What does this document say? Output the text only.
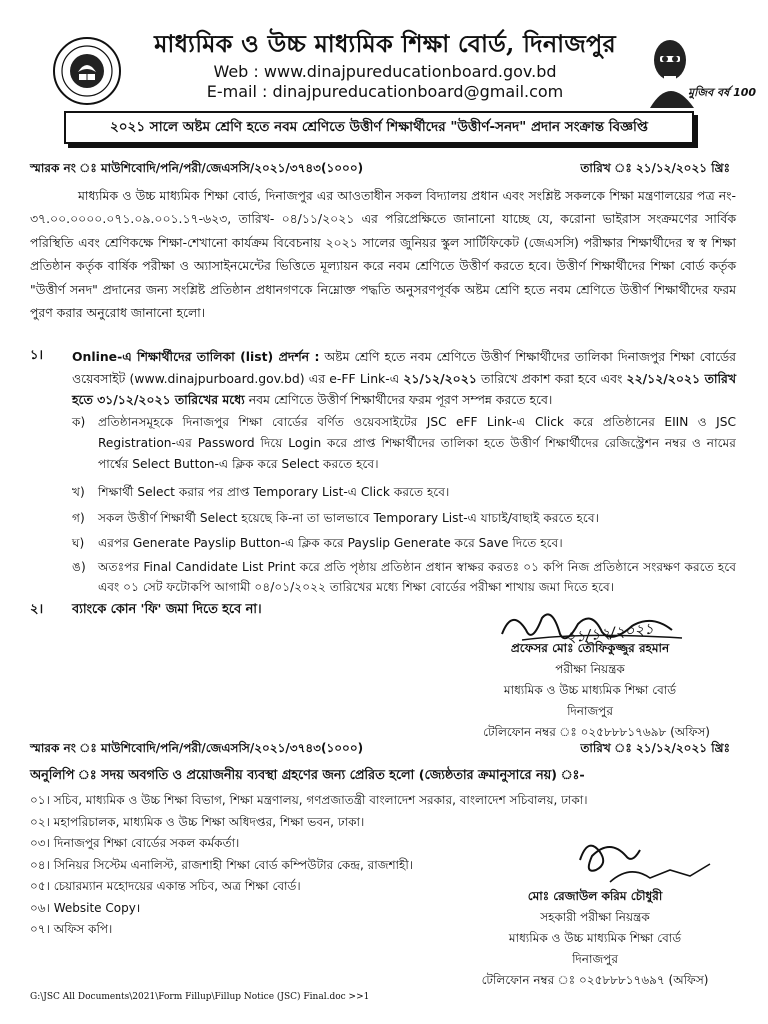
মুজিব বর্ষ 100
মাধ্যমিক ও উচ্চ মাধ্যমিক শিক্ষা বোর্ড, দিনাজপুর
Web : www.dinajpureducationboard.gov.bd
E-mail : dinajpureducationboard@gmail.com
২০২১ সালে অষ্টম শ্রেণি হতে নবম শ্রেণিতে উত্তীর্ণ শিক্ষার্থীদের "উত্তীর্ণ-সনদ" প্রদান সংক্রান্ত বিজ্ঞপ্তি
স্মারক নং ঃ মাউশিবোদি/পনি/পরী/জেএসসি/২০২১/৩৭৪৩(১০০০)	তারিখ ঃ ২১/১২/২০২১ খ্রিঃ

মাধ্যমিক ও উচ্চ মাধ্যমিক শিক্ষা বোর্ড, দিনাজপুর এর আওতাধীন সকল বিদ্যালয় প্রধান এবং সংশ্লিষ্ট সকলকে শিক্ষা মন্ত্রণালয়ের পত্র নং- ৩৭.০০.০০০০.০৭১.০৯.০০১.১৭-৬২৩, তারিখ- ০৪/১১/২০২১ এর পরিপ্রেক্ষিতে জানানো যাচ্ছে যে, করোনা ভাইরাস সংক্রমণের সার্বিক পরিস্থিতি এবং শ্রেণিকক্ষে শিক্ষা-শেখানো কার্যক্রম বিবেচনায় ২০২১ সালের জুনিয়র স্কুল সার্টিফিকেট (জেএসসি) পরীক্ষার শিক্ষার্থীদের স্ব স্ব শিক্ষা প্রতিষ্ঠান কর্তৃক বার্ষিক পরীক্ষা ও অ্যাসাইনমেন্টের ভিত্তিতে মূল্যায়ন করে নবম শ্রেণিতে উত্তীর্ণ করতে হবে। উত্তীর্ণ শিক্ষার্থীদের শিক্ষা বোর্ড কর্তৃক "উত্তীর্ণ সনদ" প্রদানের জন্য সংশ্লিষ্ট প্রতিষ্ঠান প্রধানগণকে নিম্নোক্ত পদ্ধতি অনুসরণপূর্বক অষ্টম শ্রেণি হতে নবম শ্রেণিতে উত্তীর্ণ শিক্ষার্থীদের ফরম পুরণ করার অনুরোধ জানানো হলো।

১। Online-এ শিক্ষার্থীদের তালিকা (list) প্রদর্শন : অষ্টম শ্রেণি হতে নবম শ্রেণিতে উত্তীর্ণ শিক্ষার্থীদের তালিকা দিনাজপুর শিক্ষা বোর্ডের ওয়েবসাইট (www.dinajpurboard.gov.bd) এর e-FF Link-এ ২১/১২/২০২১ তারিখে প্রকাশ করা হবে এবং ২২/১২/২০২১ তারিখ হতে ৩১/১২/২০২১ তারিখের মধ্যে নবম শ্রেণিতে উত্তীর্ণ শিক্ষার্থীদের ফরম পূরণ সম্পন্ন করতে হবে।
ক)	প্রতিষ্ঠানসমূহকে দিনাজপুর শিক্ষা বোর্ডের বর্ণিত ওয়েবসাইটের JSC eFF Link-এ Click করে প্রতিষ্ঠানের EIIN ও JSC Registration-এর Password দিয়ে Login করে প্রাপ্ত শিক্ষার্থীদের তালিকা হতে উত্তীর্ণ শিক্ষার্থীদের রেজিস্ট্রেশন নম্বর ও নামের পার্শ্বের Select Button-এ ক্লিক করে Select করতে হবে।
খ)	শিক্ষার্থী Select করার পর প্রাপ্ত Temporary List-এ Click করতে হবে।
গ)	সকল উত্তীর্ণ শিক্ষার্থী Select হয়েছে কি-না তা ভালভাবে Temporary List-এ যাচাই/বাছাই করতে হবে।
ঘ)	এরপর Generate Payslip Button-এ ক্লিক করে Payslip Generate করে Save দিতে হবে।
ঙ)	অতঃপর Final Candidate List Print করে প্রতি পৃষ্ঠায় প্রতিষ্ঠান প্রধান স্বাক্ষর করতঃ ০১ কপি নিজ প্রতিষ্ঠানে সংরক্ষণ করতে হবে এবং ০১ সেট ফটোকপি আগামী ০৪/০১/২০২২ তারিখের মধ্যে শিক্ষা বোর্ডের পরীক্ষা শাখায় জমা দিতে হবে।
২। ব্যাংকে কোন 'ফি' জমা দিতে হবে না।
২১/১২/২০২১
প্রফেসর মোঃ তৌফিকুজ্জুর রহমান
পরীক্ষা নিয়ন্ত্রক
মাধ্যমিক ও উচ্চ মাধ্যমিক শিক্ষা বোর্ড
দিনাজপুর
টেলিফোন নম্বর ঃ ০২৫৮৮৮১৭৬৯৮ (অফিস)
স্মারক নং ঃ মাউশিবোদি/পনি/পরী/জেএসসি/২০২১/৩৭৪৩(১০০০)	তারিখ ঃ ২১/১২/২০২১ খ্রিঃ
অনুলিপি ঃ সদয় অবগতি ও প্রয়োজনীয় ব্যবস্থা গ্রহণের জন্য প্রেরিত হলো (জ্যেষ্ঠতার ক্রমানুসারে নয়) ঃ-
০১। সচিব, মাধ্যমিক ও উচ্চ শিক্ষা বিভাগ, শিক্ষা মন্ত্রণালয়, গণপ্রজাতন্ত্রী বাংলাদেশ সরকার, বাংলাদেশ সচিবালয়, ঢাকা।
০২। মহাপরিচালক, মাধ্যমিক ও উচ্চ শিক্ষা অধিদপ্তর, শিক্ষা ভবন, ঢাকা।
০৩। দিনাজপুর শিক্ষা বোর্ডের সকল কর্মকর্তা।
০৪। সিনিয়র সিস্টেম এনালিস্ট, রাজশাহী শিক্ষা বোর্ড কম্পিউটার কেন্দ্র, রাজশাহী।
০৫। চেয়ারম্যান মহোদয়ের একান্ত সচিব, অত্র শিক্ষা বোর্ড।
০৬। Website Copy।
০৭। অফিস কপি।
মোঃ রেজাউল করিম চৌধুরী
সহকারী পরীক্ষা নিয়ন্ত্রক
মাধ্যমিক ও উচ্চ মাধ্যমিক শিক্ষা বোর্ড
দিনাজপুর
টেলিফোন নম্বর ঃ ০২৫৮৮৮১৭৬৯৭ (অফিস)
G:\JSC All Documents\2021\Form Fillup\Fillup Notice (JSC) Final.doc >>1
